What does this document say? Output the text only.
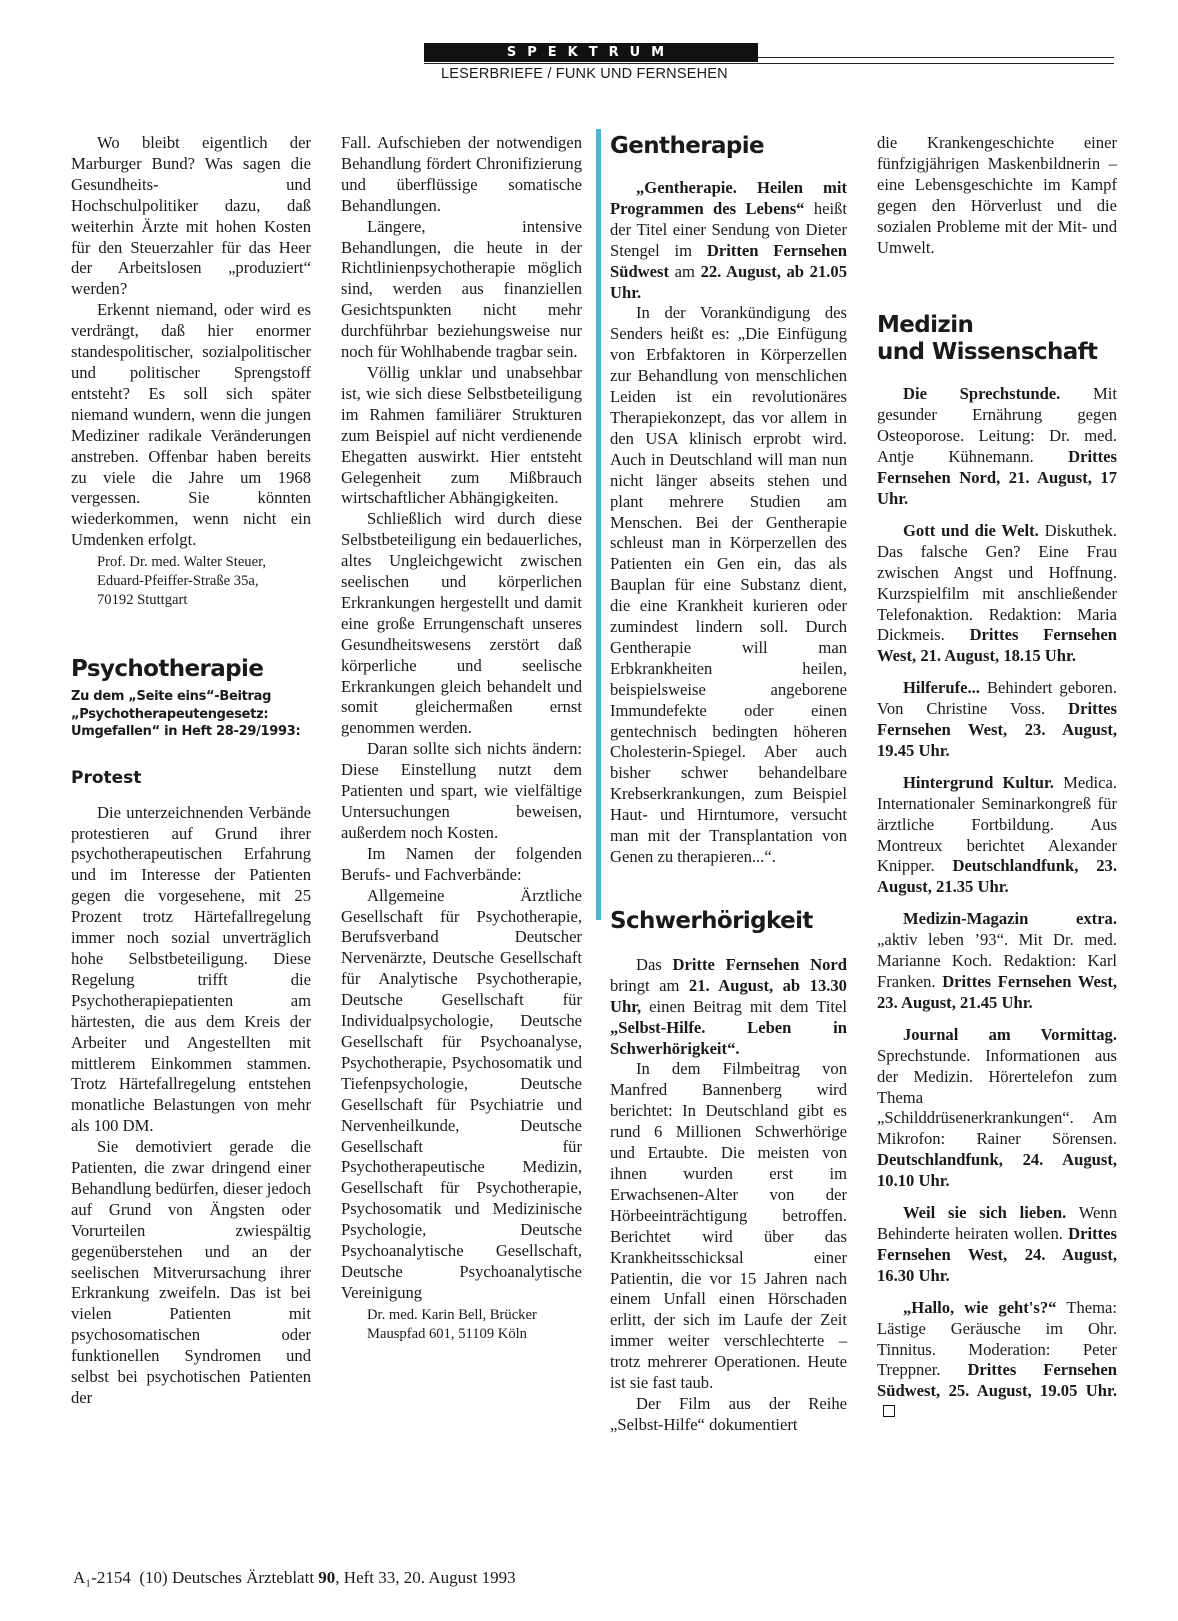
SPEKTRUM
LESERBRIEFE / FUNK UND FERNSEHEN

Wo bleibt eigentlich der Marburger Bund? Was sagen die Gesundheits- und Hochschulpolitiker dazu, daß weiterhin Ärzte mit hohen Kosten für den Steuerzahler für das Heer der Arbeitslosen „produziert“ werden?

Erkennt niemand, oder wird es verdrängt, daß hier enormer standespolitischer, sozialpolitischer und politischer Sprengstoff entsteht? Es soll sich später niemand wundern, wenn die jungen Mediziner radikale Veränderungen anstreben. Offenbar haben bereits zu viele die Jahre um 1968 vergessen. Sie könnten wiederkommen, wenn nicht ein Umdenken erfolgt.

Prof. Dr. med. Walter Steuer,
Eduard-Pfeiffer-Straße 35a,
70192 Stuttgart
Psychotherapie
Zu dem „Seite eins“-Beitrag „Psychotherapeutengesetz: Umgefallen“ in Heft 28-29/1993:
Protest

Die unterzeichnenden Verbände protestieren auf Grund ihrer psychotherapeutischen Erfahrung und im Interesse der Patienten gegen die vorgesehene, mit 25 Prozent trotz Härtefallregelung immer noch sozial unverträglich hohe Selbstbeteiligung. Diese Regelung trifft die Psychotherapiepatienten am härtesten, die aus dem Kreis der Arbeiter und Angestellten mit mittlerem Einkommen stammen. Trotz Härtefallregelung entstehen monatliche Belastungen von mehr als 100 DM.

Sie demotiviert gerade die Patienten, die zwar dringend einer Behandlung bedürfen, dieser jedoch auf Grund von Ängsten oder Vorurteilen zwiespältig gegenüberstehen und an der seelischen Mitverursachung ihrer Erkrankung zweifeln. Das ist bei vielen Patienten mit psychosomatischen oder funktionellen Syndromen und selbst bei psychotischen Patienten der

Fall. Aufschieben der notwendigen Behandlung fördert Chronifizierung und überflüssige somatische Behandlungen.

Längere, intensive Behandlungen, die heute in der Richtlinienpsychotherapie möglich sind, werden aus finanziellen Gesichtspunkten nicht mehr durchführbar beziehungsweise nur noch für Wohlhabende tragbar sein.

Völlig unklar und unabsehbar ist, wie sich diese Selbstbeteiligung im Rahmen familiärer Strukturen zum Beispiel auf nicht verdienende Ehegatten auswirkt. Hier entsteht Gelegenheit zum Mißbrauch wirtschaftlicher Abhängigkeiten.

Schließlich wird durch diese Selbstbeteiligung ein bedauerliches, altes Ungleichgewicht zwischen seelischen und körperlichen Erkrankungen hergestellt und damit eine große Errungenschaft unseres Gesundheitswesens zerstört daß körperliche und seelische Erkrankungen gleich behandelt und somit gleichermaßen ernst genommen werden.

Daran sollte sich nichts ändern: Diese Einstellung nutzt dem Patienten und spart, wie vielfältige Untersuchungen beweisen, außerdem noch Kosten.

Im Namen der folgenden Berufs- und Fachverbände:

Allgemeine Ärztliche Gesellschaft für Psychotherapie, Berufsverband Deutscher Nervenärzte, Deutsche Gesellschaft für Analytische Psychotherapie, Deutsche Gesellschaft für Individualpsychologie, Deutsche Gesellschaft für Psychoanalyse, Psychotherapie, Psychosomatik und Tiefenpsychologie, Deutsche Gesellschaft für Psychiatrie und Nervenheilkunde, Deutsche Gesellschaft für Psychotherapeutische Medizin, Gesellschaft für Psychotherapie, Psychosomatik und Medizinische Psychologie, Deutsche Psychoanalytische Gesellschaft, Deutsche Psychoanalytische Vereinigung

Dr. med. Karin Bell, Brücker
Mauspfad 601, 51109 Köln
Gentherapie

„Gentherapie. Heilen mit Programmen des Lebens“ heißt der Titel einer Sendung von Dieter Stengel im Dritten Fernsehen Südwest am 22. August, ab 21.05 Uhr.

In der Vorankündigung des Senders heißt es: „Die Einfügung von Erbfaktoren in Körperzellen zur Behandlung von menschlichen Leiden ist ein revolutionäres Therapiekonzept, das vor allem in den USA klinisch erprobt wird. Auch in Deutschland will man nun nicht länger abseits stehen und plant mehrere Studien am Menschen. Bei der Gentherapie schleust man in Körperzellen des Patienten ein Gen ein, das als Bauplan für eine Substanz dient, die eine Krankheit kurieren oder zumindest lindern soll. Durch Gentherapie will man Erbkrankheiten heilen, beispielsweise angeborene Immundefekte oder einen gentechnisch bedingten höheren Cholesterin-Spiegel. Aber auch bisher schwer behandelbare Krebserkrankungen, zum Beispiel Haut- und Hirntumore, versucht man mit der Transplantation von Genen zu therapieren...“.

Schwerhörigkeit

Das Dritte Fernsehen Nord bringt am 21. August, ab 13.30 Uhr, einen Beitrag mit dem Titel „Selbst-Hilfe. Leben in Schwerhörigkeit“.

In dem Filmbeitrag von Manfred Bannenberg wird berichtet: In Deutschland gibt es rund 6 Millionen Schwerhörige und Ertaubte. Die meisten von ihnen wurden erst im Erwachsenen-Alter von der Hörbeeinträchtigung betroffen. Berichtet wird über das Krankheitsschicksal einer Patientin, die vor 15 Jahren nach einem Unfall einen Hörschaden erlitt, der sich im Laufe der Zeit immer weiter verschlechterte – trotz mehrerer Operationen. Heute ist sie fast taub.

Der Film aus der Reihe „Selbst-Hilfe“ dokumentiert

die Krankengeschichte einer fünfzigjährigen Maskenbildnerin – eine Lebensgeschichte im Kampf gegen den Hörverlust und die sozialen Probleme mit der Mit- und Umwelt.

Medizin
und Wissenschaft

Die Sprechstunde. Mit gesunder Ernährung gegen Osteoporose. Leitung: Dr. med. Antje Kühnemann. Drittes Fernsehen Nord, 21. August, 17 Uhr.

Gott und die Welt. Diskuthek. Das falsche Gen? Eine Frau zwischen Angst und Hoffnung. Kurzspielfilm mit anschließender Telefonaktion. Redaktion: Maria Dickmeis. Drittes Fernsehen West, 21. August, 18.15 Uhr.

Hilferufe... Behindert geboren. Von Christine Voss. Drittes Fernsehen West, 23. August, 19.45 Uhr.

Hintergrund Kultur. Medica. Internationaler Seminarkongreß für ärztliche Fortbildung. Aus Montreux berichtet Alexander Knipper. Deutschlandfunk, 23. August, 21.35 Uhr.

Medizin-Magazin extra. „aktiv leben ’93“. Mit Dr. med. Marianne Koch. Redaktion: Karl Franken. Drittes Fernsehen West, 23. August, 21.45 Uhr.

Journal am Vormittag. Sprechstunde. Informationen aus der Medizin. Hörertelefon zum Thema „Schilddrüsenerkrankungen“. Am Mikrofon: Rainer Sörensen. Deutschlandfunk, 24. August, 10.10 Uhr.

Weil sie sich lieben. Wenn Behinderte heiraten wollen. Drittes Fernsehen West, 24. August, 16.30 Uhr.

„Hallo, wie geht's?“ Thema: Lästige Geräusche im Ohr. Tinnitus. Moderation: Peter Treppner. Drittes Fernsehen Südwest, 25. August, 19.05 Uhr.

A₁-2154 (10) Deutsches Ärzteblatt 90, Heft 33, 20. August 1993
